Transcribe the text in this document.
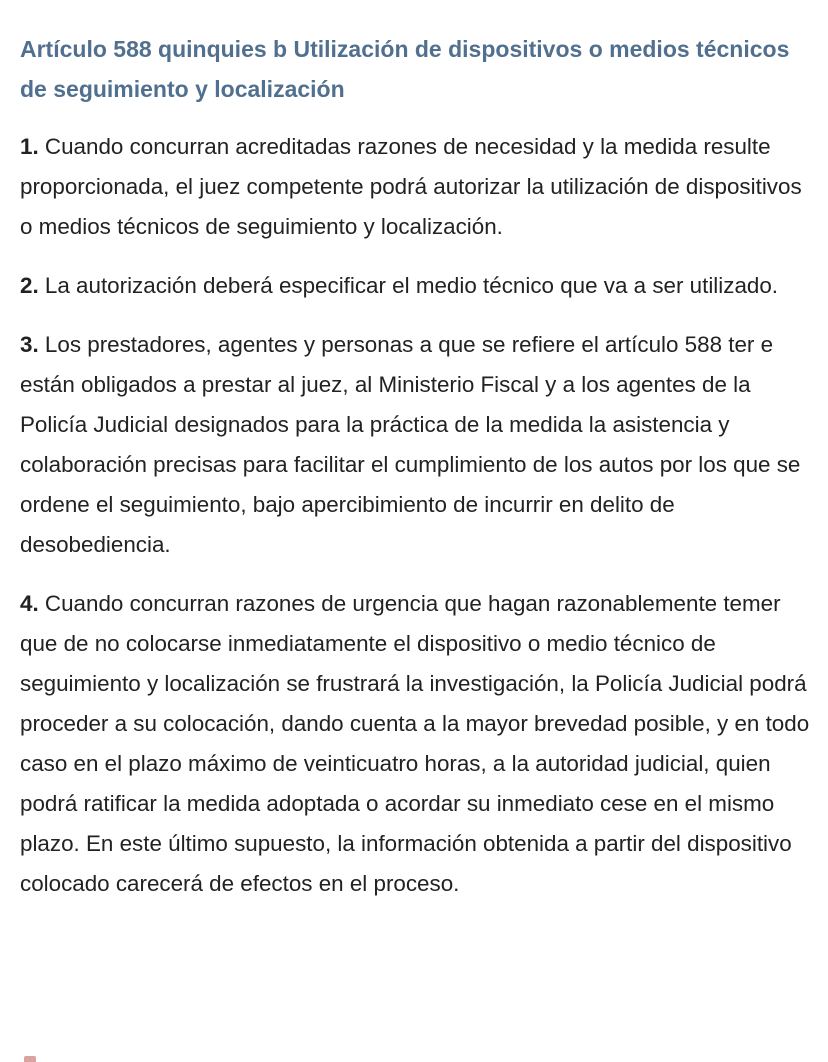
Artículo 588 quinquies b Utilización de dispositivos o medios técnicos de seguimiento y localización

1. Cuando concurran acreditadas razones de necesidad y la medida resulte proporcionada, el juez competente podrá autorizar la utilización de dispositivos o medios técnicos de seguimiento y localización.

2. La autorización deberá especificar el medio técnico que va a ser utilizado.

3. Los prestadores, agentes y personas a que se refiere el artículo 588 ter e están obligados a prestar al juez, al Ministerio Fiscal y a los agentes de la Policía Judicial designados para la práctica de la medida la asistencia y colaboración precisas para facilitar el cumplimiento de los autos por los que se ordene el seguimiento, bajo apercibimiento de incurrir en delito de desobediencia.

4. Cuando concurran razones de urgencia que hagan razonablemente temer que de no colocarse inmediatamente el dispositivo o medio técnico de seguimiento y localización se frustrará la investigación, la Policía Judicial podrá proceder a su colocación, dando cuenta a la mayor brevedad posible, y en todo caso en el plazo máximo de veinticuatro horas, a la autoridad judicial, quien podrá ratificar la medida adoptada o acordar su inmediato cese en el mismo plazo. En este último supuesto, la información obtenida a partir del dispositivo colocado carecerá de efectos en el proceso.
